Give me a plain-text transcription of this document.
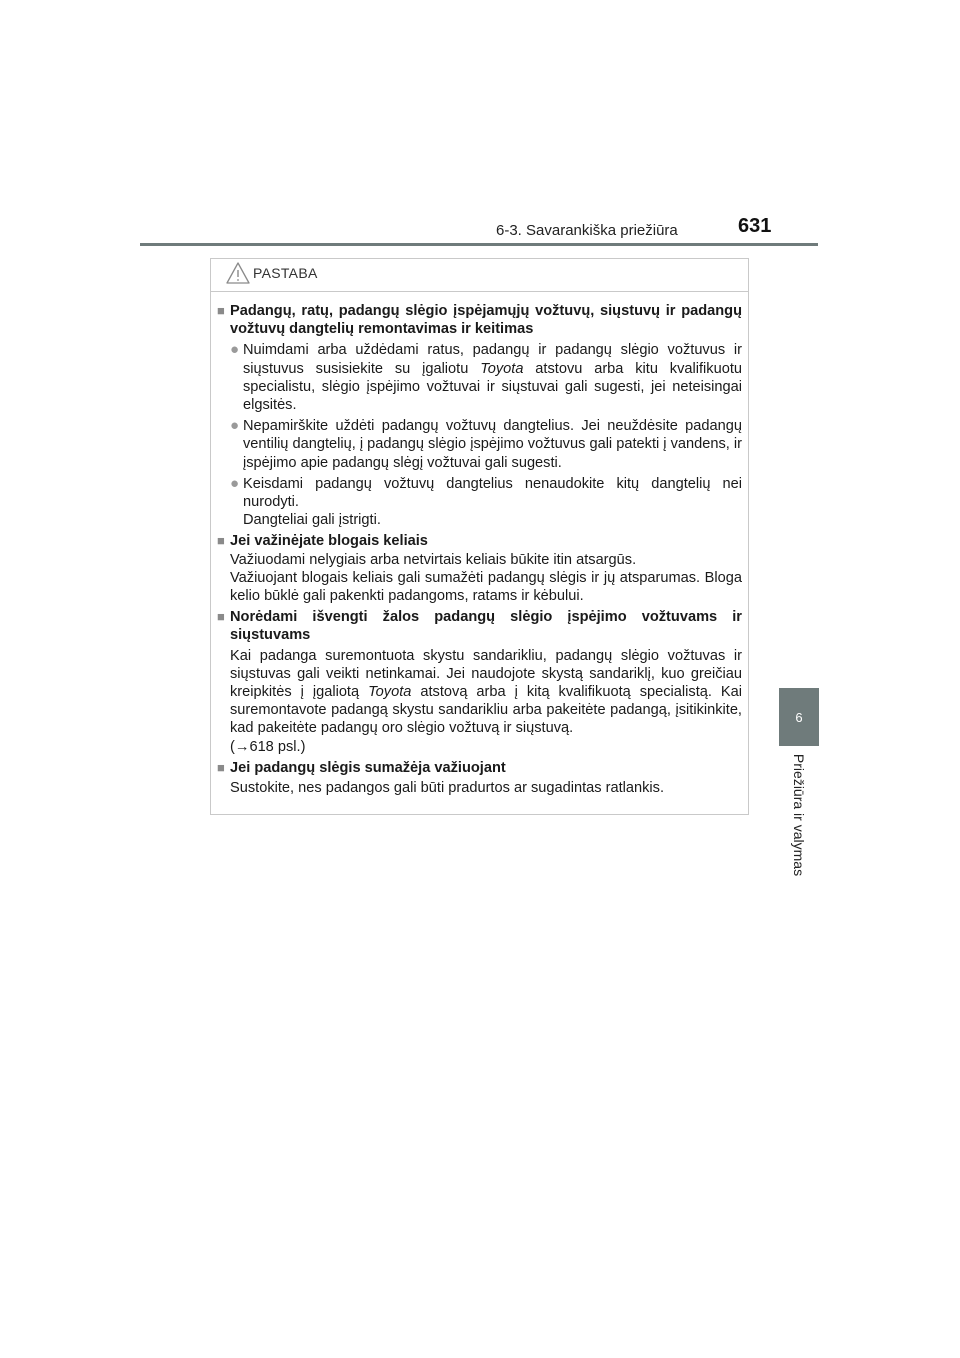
6-3. Savarankiška priežiūra	631
6
Priežiūra ir valymas
PASTABA
■ Padangų, ratų, padangų slėgio įspėjamųjų vožtuvų, siųstuvų ir padangų vožtuvų dangtelių remontavimas ir keitimas
● Nuimdami arba uždėdami ratus, padangų ir padangų slėgio vožtuvus ir siųstuvus susisiekite su įgaliotu Toyota atstovu arba kitu kvalifikuotu specialistu, slėgio įspėjimo vožtuvai ir siųstuvai gali sugesti, jei neteisingai elgsitės.

● Nepamirškite uždėti padangų vožtuvų dangtelius. Jei neuždėsite padangų ventilių dangtelių, į padangų slėgio įspėjimo vožtuvus gali patekti į vandens, ir įspėjimo apie padangų slėgį vožtuvai gali sugesti.

● Keisdami padangų vožtuvų dangtelius nenaudokite kitų dangtelių nei nurodyti.

Dangteliai gali įstrigti.

■ Jei važinėjate blogais keliais

Važiuodami nelygiais arba netvirtais keliais būkite itin atsargūs.

Važiuojant blogais keliais gali sumažėti padangų slėgis ir jų atsparumas. Bloga kelio būklė gali pakenkti padangoms, ratams ir kėbului.

■ Norėdami išvengti žalos padangų slėgio įspėjimo vožtuvams ir siųstuvams

Kai padanga suremontuota skystu sandarikliu, padangų slėgio vožtuvas ir siųstuvas gali veikti netinkamai. Jei naudojote skystą sandariklį, kuo greičiau kreipkitės į įgaliotą Toyota atstovą arba į kitą kvalifikuotą specialistą. Kai suremontavote padangą skystu sandarikliu arba pakeitėte padangą, įsitikinkite, kad pakeitėte padangų oro slėgio vožtuvą ir siųstuvą.

(→618 psl.)

■ Jei padangų slėgis sumažėja važiuojant

Sustokite, nes padangos gali būti pradurtos ar sugadintas ratlankis.
